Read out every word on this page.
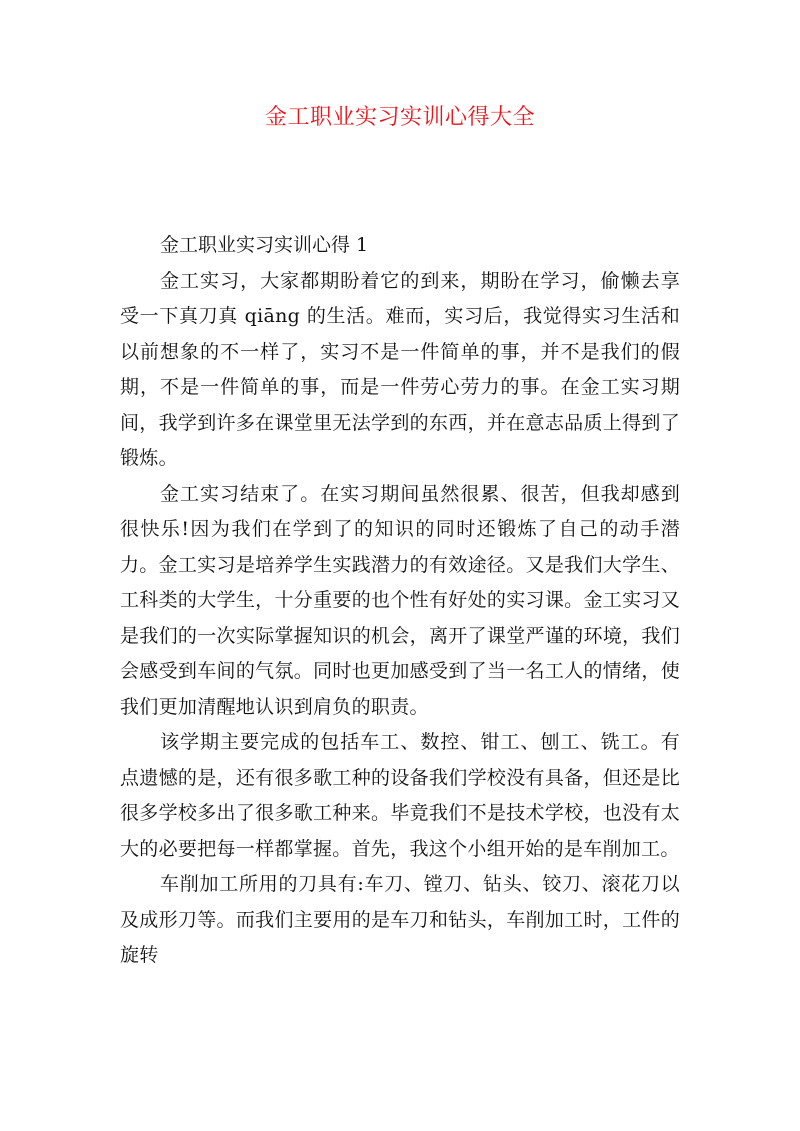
金工职业实习实训心得大全

金工职业实习实训心得 1

金工实习，大家都期盼着它的到来，期盼在学习，偷懒去享受一下真刀真 qiāng 的生活。难而，实习后，我觉得实习生活和以前想象的不一样了，实习不是一件简单的事，并不是我们的假期，不是一件简单的事，而是一件劳心劳力的事。在金工实习期间，我学到许多在课堂里无法学到的东西，并在意志品质上得到了锻炼。

金工实习结束了。在实习期间虽然很累、很苦，但我却感到很快乐!因为我们在学到了的知识的同时还锻炼了自己的动手潜力。金工实习是培养学生实践潜力的有效途径。又是我们大学生、工科类的大学生，十分重要的也个性有好处的实习课。金工实习又是我们的一次实际掌握知识的机会，离开了课堂严谨的环境，我们会感受到车间的气氛。同时也更加感受到了当一名工人的情绪，使我们更加清醒地认识到肩负的职责。

该学期主要完成的包括车工、数控、钳工、刨工、铣工。有点遗憾的是，还有很多歌工种的设备我们学校没有具备，但还是比很多学校多出了很多歌工种来。毕竟我们不是技术学校，也没有太大的必要把每一样都掌握。首先，我这个小组开始的是车削加工。

车削加工所用的刀具有:车刀、镗刀、钻头、铰刀、滚花刀以及成形刀等。而我们主要用的是车刀和钻头，车削加工时，工件的旋转
